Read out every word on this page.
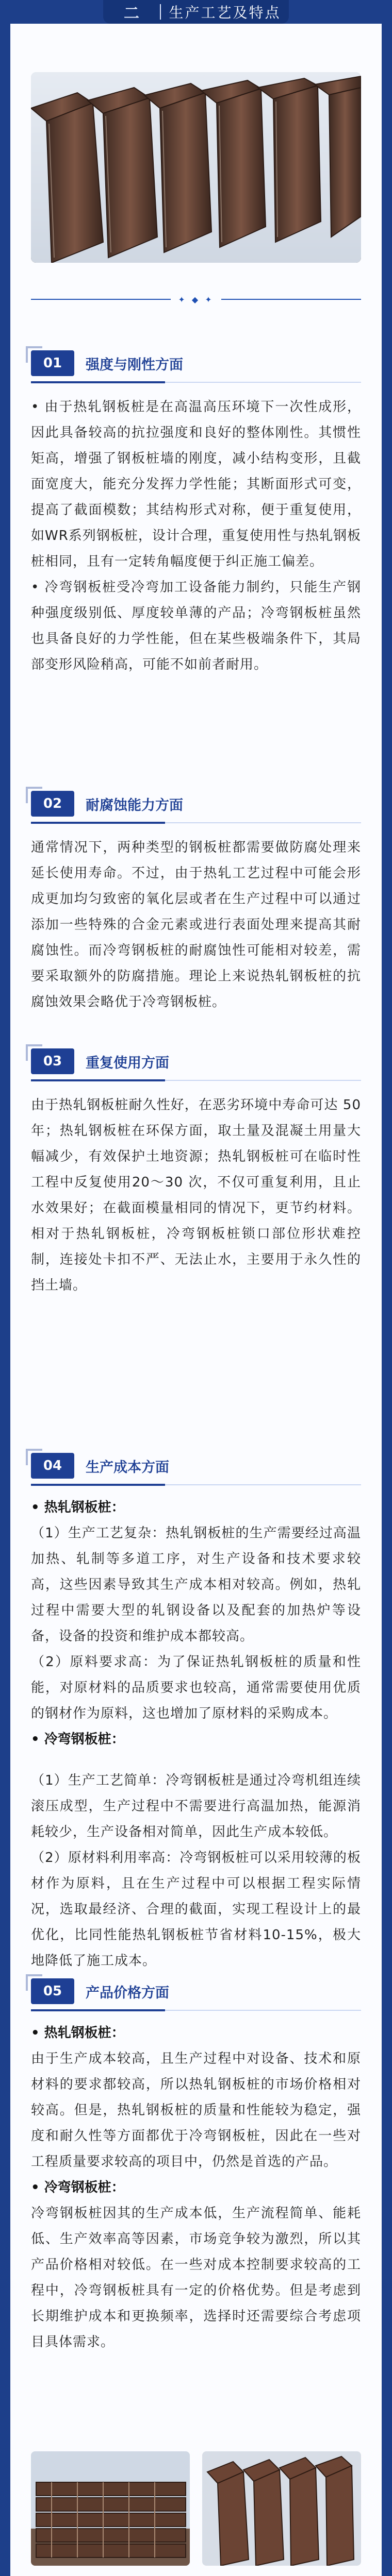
二	生产工艺及特点
✦ ◆ ✦
01	强度与刚性方面

• 由于热轧钢板桩是在高温高压环境下一次性成形，因此具备较高的抗拉强度和良好的整体刚性。其惯性矩高，增强了钢板桩墙的刚度，减小结构变形，且截面宽度大，能充分发挥力学性能；其断面形式可变，提高了截面模数；其结构形式对称，便于重复使用，如WR系列钢板桩，设计合理，重复使用性与热轧钢板桩相同，且有一定转角幅度便于纠正施工偏差。

• 冷弯钢板桩受冷弯加工设备能力制约，只能生产钢种强度级别低、厚度较单薄的产品；冷弯钢板桩虽然也具备良好的力学性能，但在某些极端条件下，其局部变形风险稍高，可能不如前者耐用。

02	耐腐蚀能力方面

通常情况下，两种类型的钢板桩都需要做防腐处理来延长使用寿命。不过，由于热轧工艺过程中可能会形成更加均匀致密的氧化层或者在生产过程中可以通过添加一些特殊的合金元素或进行表面处理来提高其耐腐蚀性。而冷弯钢板桩的耐腐蚀性可能相对较差，需要采取额外的防腐措施。理论上来说热轧钢板桩的抗腐蚀效果会略优于冷弯钢板桩。

03	重复使用方面

由于热轧钢板桩耐久性好，在恶劣环境中寿命可达 50 年；热轧钢板桩在环保方面，取土量及混凝土用量大幅减少，有效保护土地资源；热轧钢板桩可在临时性工程中反复使用20～30 次，不仅可重复利用，且止水效果好；在截面模量相同的情况下，更节约材料。相对于热轧钢板桩，冷弯钢板桩锁口部位形状难控制，连接处卡扣不严、无法止水，主要用于永久性的挡土墙。

04	生产成本方面

• 热轧钢板桩：

（1）生产工艺复杂：热轧钢板桩的生产需要经过高温加热、轧制等多道工序，对生产设备和技术要求较高，这些因素导致其生产成本相对较高。例如，热轧过程中需要大型的轧钢设备以及配套的加热炉等设备，设备的投资和维护成本都较高。

（2）原料要求高：为了保证热轧钢板桩的质量和性能，对原材料的品质要求也较高，通常需要使用优质的钢材作为原料，这也增加了原材料的采购成本。

• 冷弯钢板桩：

（1）生产工艺简单：冷弯钢板桩是通过冷弯机组连续滚压成型，生产过程中不需要进行高温加热，能源消耗较少，生产设备相对简单，因此生产成本较低。

（2）原材料利用率高：冷弯钢板桩可以采用较薄的板材作为原料，且在生产过程中可以根据工程实际情况，选取最经济、合理的截面，实现工程设计上的最优化，比同性能热轧钢板桩节省材料10-15%，极大地降低了施工成本。

05	产品价格方面

• 热轧钢板桩：

由于生产成本较高，且生产过程中对设备、技术和原材料的要求都较高，所以热轧钢板桩的市场价格相对较高。但是，热轧钢板桩的质量和性能较为稳定，强度和耐久性等方面都优于冷弯钢板桩，因此在一些对工程质量要求较高的项目中，仍然是首选的产品。

• 冷弯钢板桩：

冷弯钢板桩因其的生产成本低，生产流程简单、能耗低、生产效率高等因素，市场竞争较为激烈，所以其产品价格相对较低。在一些对成本控制要求较高的工程中，冷弯钢板桩具有一定的价格优势。但是考虑到长期维护成本和更换频率，选择时还需要综合考虑项目具体需求。
